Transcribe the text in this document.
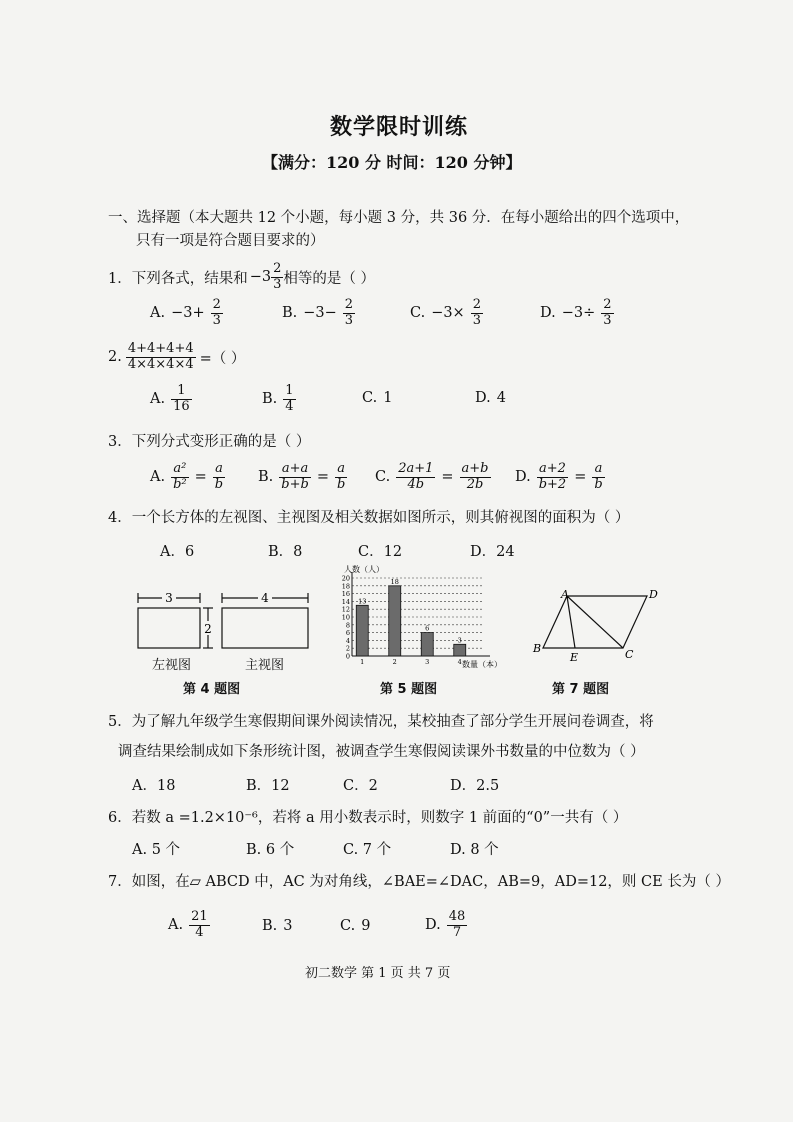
数学限时训练
【满分：120 分 时间：120 分钟】
一、选择题（本大题共 12 个小题，每小题 3 分，共 36 分．在每小题给出的四个选项中，
只有一项是符合题目要求的）
1．下列各式，结果和 $-3 \frac{2}{3}$ 相等的是（ ）
A. $-3+ \frac{2}{3}$	B. $-3- \frac{2}{3}$	C. $-3\times \frac{2}{3}$	D. $-3\div \frac{2}{3}$
2. $\frac{4+4+4+4}{4\times 4\times 4\times 4}$ =（ ）
A. $\frac{1}{16}$	B. $\frac{1}{4}$	C. 1	D. 4
3．下列分式变形正确的是（ ）
A. $\frac{\text{a²}}{\text{b²}} = \frac{a}{b} B$. $\frac{a+a}{b+b} = \frac{a}{b} C$. $\frac{2a+1}{4b} = \frac{a+b}{2b} D$. $\frac{a+2}{b+2} = \frac{a}{b}$
4．一个长方体的左视图、主视图及相关数据如图所示，则其俯视图的面积为（ ）
A．6	B．8	C．12	D．24
3
2
4
左视图	主视图
第 4 题图
人数（人）
数量（本）
0
2
4
6
8
10
12
14
16
18
20
13
1
18
2
6
3
3
4
第 5 题图
A	D
B	C
E
第 7 题图
5．为了解九年级学生寒假期间课外阅读情况，某校抽查了部分学生开展问卷调查，将
调查结果绘制成如下条形统计图，被调查学生寒假阅读课外书数量的中位数为（ ）
A．18	B．12	C．2	D．2.5
6．若数 a =1.2×10⁻⁶，若将 a 用小数表示时，则数字 1 前面的“0”一共有（ ）
A. 5 个	B. 6 个	C. 7 个	D. 8 个
7．如图，在▱ ABCD 中，AC 为对角线，∠BAE=∠DAC，AB=9，AD=12，则 CE 长为（ ）
A. $\frac{21}{4}$	B. 3	C. 9	D. $\frac{48}{7}$
初二数学 第 1 页 共 7 页
